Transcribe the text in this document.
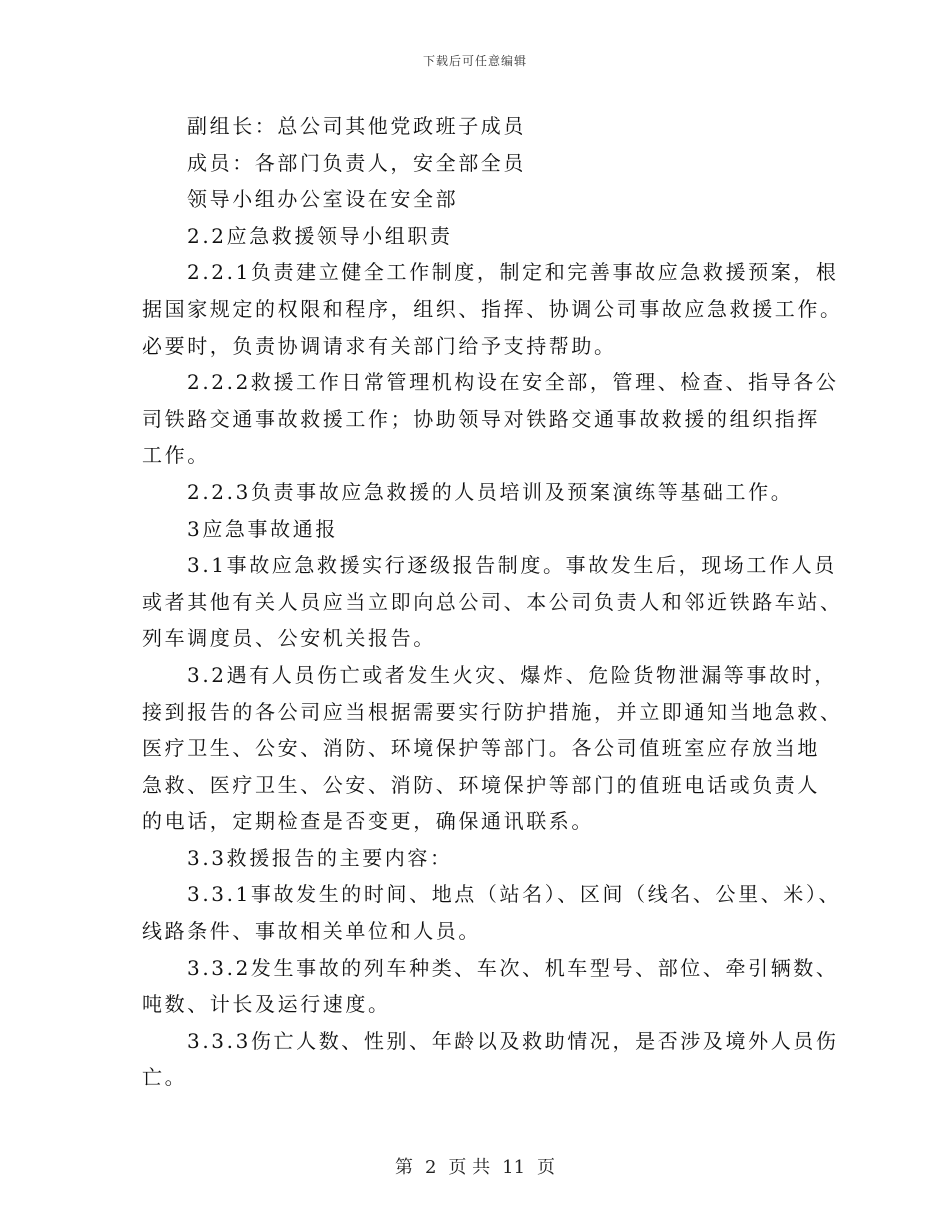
下载后可任意编辑
副组长：总公司其他党政班子成员
成员：各部门负责人，安全部全员
领导小组办公室设在安全部
2.2应急救援领导小组职责
2.2.1负责建立健全工作制度，制定和完善事故应急救援预案，根
据国家规定的权限和程序，组织、指挥、协调公司事故应急救援工作。
必要时，负责协调请求有关部门给予支持帮助。
2.2.2救援工作日常管理机构设在安全部，管理、检查、指导各公
司铁路交通事故救援工作；协助领导对铁路交通事故救援的组织指挥
工作。
2.2.3负责事故应急救援的人员培训及预案演练等基础工作。
3应急事故通报
3.1事故应急救援实行逐级报告制度。事故发生后，现场工作人员
或者其他有关人员应当立即向总公司、本公司负责人和邻近铁路车站、
列车调度员、公安机关报告。
3.2遇有人员伤亡或者发生火灾、爆炸、危险货物泄漏等事故时，
接到报告的各公司应当根据需要实行防护措施，并立即通知当地急救、
医疗卫生、公安、消防、环境保护等部门。各公司值班室应存放当地
急救、医疗卫生、公安、消防、环境保护等部门的值班电话或负责人
的电话，定期检查是否变更，确保通讯联系。
3.3救援报告的主要内容：
3.3.1事故发生的时间、地点（站名）、区间（线名、公里、米）、
线路条件、事故相关单位和人员。
3.3.2发生事故的列车种类、车次、机车型号、部位、牵引辆数、
吨数、计长及运行速度。
3.3.3伤亡人数、性别、年龄以及救助情况，是否涉及境外人员伤
亡。
第 2 页 共 11 页
